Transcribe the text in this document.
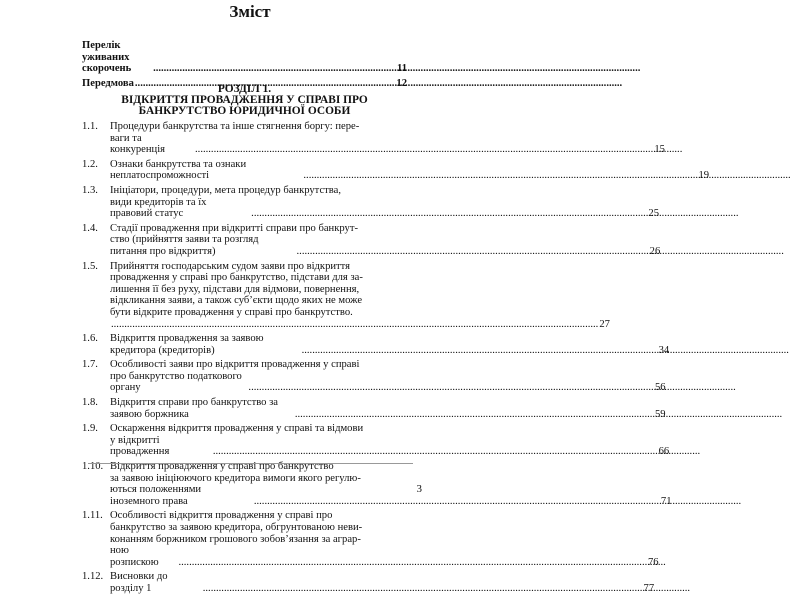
Зміст
Перелік уживаних скорочень .....	11
Передмова .....	12
РОЗДІЛ 1.
ВІДКРИТТЯ ПРОВАДЖЕННЯ У СПРАВІ ПРО
БАНКРУТСТВО ЮРИДИЧНОЇ ОСОБИ
1.1.	Процедури банкрутства та інше стягнення боргу: пере-
ваги та конкуренція .....	15
1.2.	Ознаки банкрутства та ознаки неплатоспроможності .....	19
1.3.	Ініціатори, процедури, мета процедур банкрутства,
види кредиторів та їх правовий статус .....	25
1.4.	Стадії провадження при відкритті справи про банкрут-
ство (прийняття заяви та розгляд питання про відкриття) .....	26
1.5.	Прийняття господарським судом заяви про відкриття
провадження у справі про банкрутство, підстави для за-
лишення її без руху, підстави для відмови, повернення,
відкликання заяви, а також суб’єкти щодо яких не може
бути відкрите провадження у справі про банкрутство.
.....
27
1.6.	Відкриття провадження за заявою кредитора (кредиторів) .....	34
1.7.	Особливості заяви про відкриття провадження у справі
про банкрутство податкового органу .....	56
1.8.	Відкриття справи про банкрутство за заявою боржника .....	59
1.9.	Оскарження відкриття провадження у справі та відмови
у відкритті провадження .....	66
1.10. Відкриття провадження у справі про банкрутство
за заявою ініціюючого кредитора вимоги якого регулю-
ються положеннями іноземного права .....	71
1.11. Особливості відкриття провадження у справі про
банкрутство за заявою кредитора, обгрунтованою неви-
конанням боржником грошового зобов’язання за аграр-
ною розпискою .....	76
1.12. Висновки до розділу 1 .....	77
3
